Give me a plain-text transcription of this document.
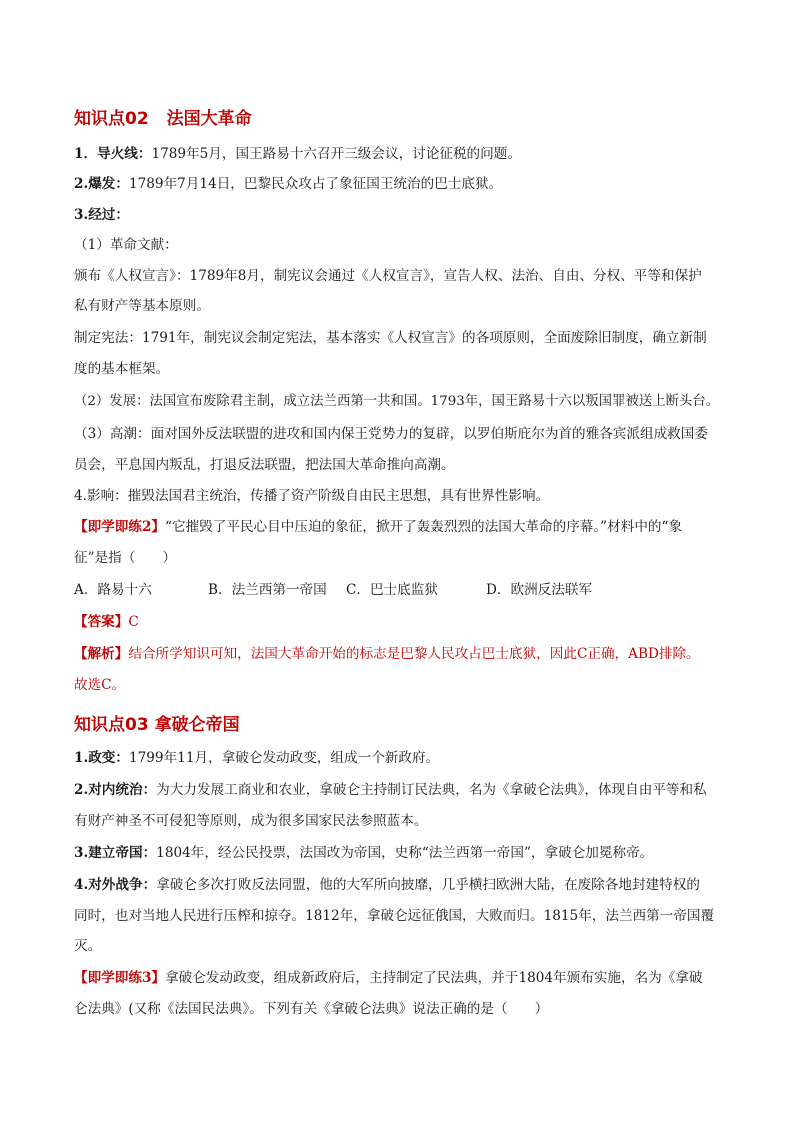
知识点02 法国大革命
1．导火线：1789年5月，国王路易十六召开三级会议，讨论征税的问题。
2.爆发：1789年7月14日，巴黎民众攻占了象征国王统治的巴士底狱。
3.经过：
（1）革命文献：
颁布《人权宣言》：1789年8月，制宪议会通过《人权宣言》，宣告人权、法治、自由、分权、平等和保护
私有财产等基本原则。
制定宪法：1791年，制宪议会制定宪法，基本落实《人权宣言》的各项原则，全面废除旧制度，确立新制
度的基本框架。
（2）发展：法国宣布废除君主制，成立法兰西第一共和国。1793年，国王路易十六以叛国罪被送上断头台。
（3）高潮：面对国外反法联盟的进攻和国内保王党势力的复辟，以罗伯斯庇尔为首的雅各宾派组成救国委
员会，平息国内叛乱，打退反法联盟，把法国大革命推向高潮。
4.影响：摧毁法国君主统治，传播了资产阶级自由民主思想，具有世界性影响。
【即学即练2】“它摧毁了平民心目中压迫的象征，掀开了轰轰烈烈的法国大革命的序幕。”材料中的“象
征”是指（　　）
A．路易十六	B．法兰西第一帝国 C．巴士底监狱	D．欧洲反法联军
【答案】C
【解析】结合所学知识可知，法国大革命开始的标志是巴黎人民攻占巴士底狱，因此C正确，ABD排除。
故选C。
知识点03 拿破仑帝国
1.政变：1799年11月，拿破仑发动政变，组成一个新政府。
2.对内统治：为大力发展工商业和农业，拿破仑主持制订民法典，名为《拿破仑法典》，体现自由平等和私
有财产神圣不可侵犯等原则，成为很多国家民法参照蓝本。
3.建立帝国：1804年，经公民投票，法国改为帝国，史称“法兰西第一帝国”，拿破仑加冕称帝。
4.对外战争：拿破仑多次打败反法同盟，他的大军所向披靡，几乎横扫欧洲大陆，在废除各地封建特权的
同时，也对当地人民进行压榨和掠夺。1812年，拿破仑远征俄国，大败而归。1815年，法兰西第一帝国覆
灭。
【即学即练3】拿破仑发动政变，组成新政府后，主持制定了民法典，并于1804年颁布实施，名为《拿破
仑法典》(又称《法国民法典》。下列有关《拿破仑法典》说法正确的是（　　）
